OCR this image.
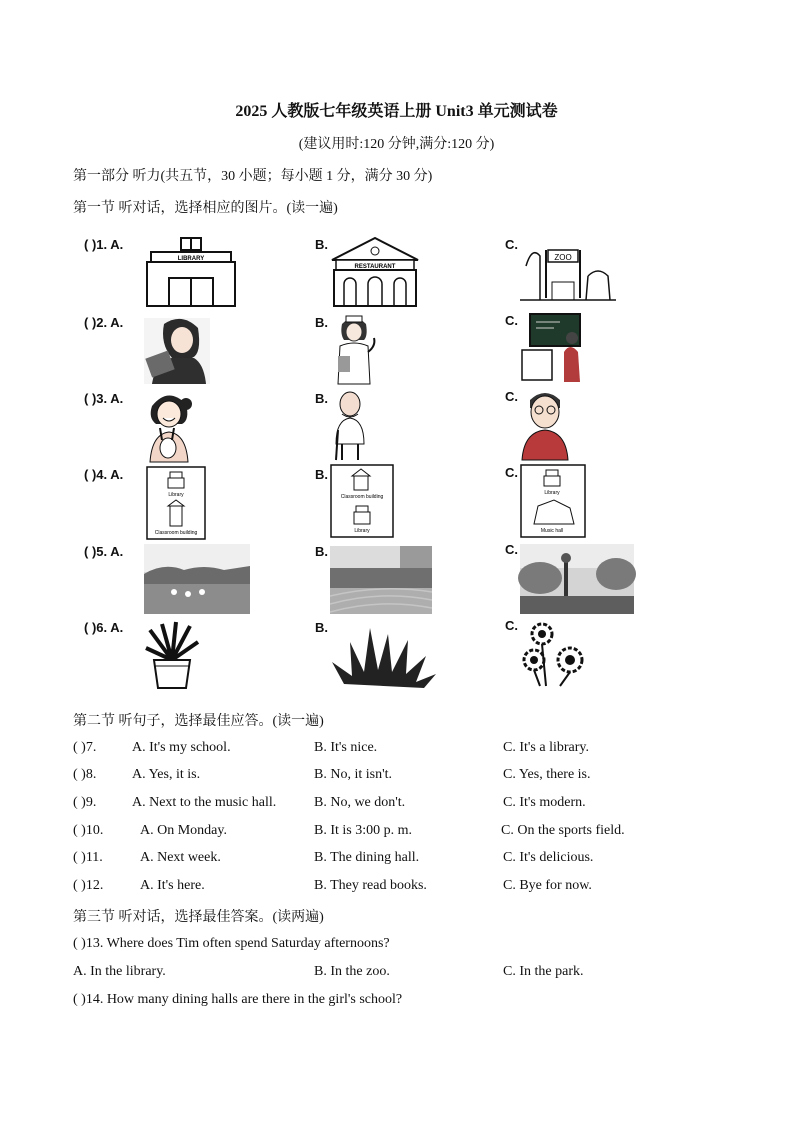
2025 人教版七年级英语上册 Unit3 单元测试卷
(建议用时:120 分钟,满分:120 分)
第一部分 听力(共五节，30 小题；每小题 1 分，满分 30 分)
第一节 听对话，选择相应的图片。(读一遍)
( )1. A.	B.	C.
( )2. A.	B.	C.
( )3. A.	B.	C.
( )4. A.	B.	C.
( )5. A.	B.	C.
( )6. A.	B.	C.
LIBRARY
RESTAURANT
ZOO
Library
Classroom building
Classroom building
Library
Library
Music hall
第二节 听句子，选择最佳应答。(读一遍)
( )7.	A. It's my school.	B. It's nice.	C. It's a library.
( )8.	A. Yes, it is.	B. No, it isn't.	C. Yes, there is.
( )9.	A. Next to the music hall.	B. No, we don't.	C. It's modern.
( )10.	A. On Monday.	B. It is 3:00 p. m.	C. On the sports field.
( )11.	A. Next week.	B. The dining hall.	C. It's delicious.
( )12.	A. It's here.	B. They read books.	C. Bye for now.
第三节 听对话，选择最佳答案。(读两遍)
( )13. Where does Tim often spend Saturday afternoons?
A. In the library.	B. In the zoo.	C. In the park.
( )14. How many dining halls are there in the girl's school?
